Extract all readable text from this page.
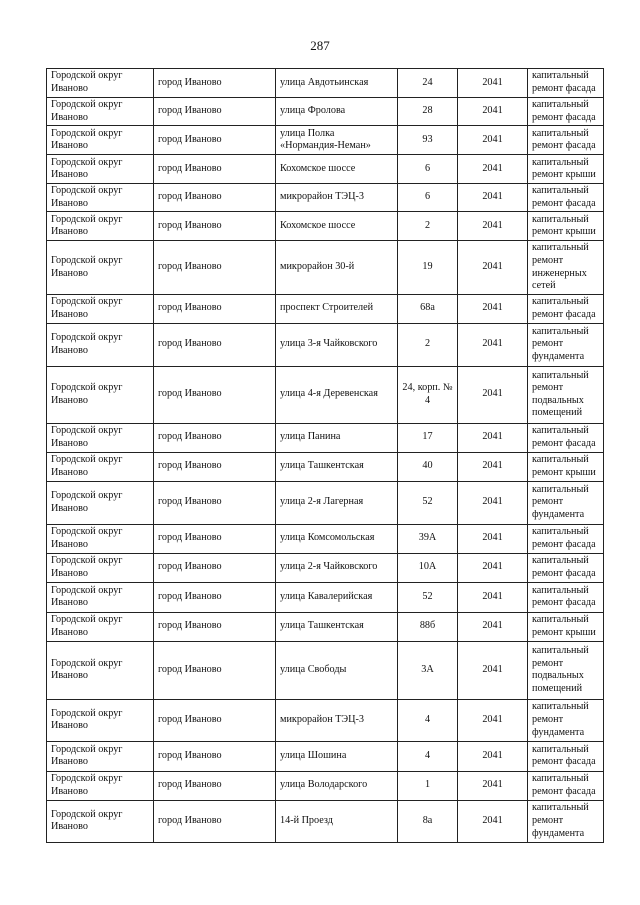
287
Городской округ Иваново	город Иваново	улица Авдотьинская	24	2041	капитальный ремонт фасада
Городской округ Иваново	город Иваново	улица Фролова	28	2041	капитальный ремонт фасада
Городской округ Иваново	город Иваново	улица Полка «Нормандия-Неман»	93	2041	капитальный ремонт фасада
Городской округ Иваново	город Иваново	Кохомское шоссе	6	2041	капитальный ремонт крыши
Городской округ Иваново	город Иваново	микрорайон ТЭЦ-3	6	2041	капитальный ремонт фасада
Городской округ Иваново	город Иваново	Кохомское шоссе	2	2041	капитальный ремонт крыши
Городской округ Иваново	город Иваново	микрорайон 30-й	19	2041	капитальный ремонт инженерных сетей
Городской округ Иваново	город Иваново	проспект Строителей	68а	2041	капитальный ремонт фасада
Городской округ Иваново	город Иваново	улица 3-я Чайковского	2	2041	капитальный ремонт фундамента
Городской округ Иваново	город Иваново	улица 4-я Деревенская	24, корп. № 4	2041	капитальный ремонт подвальных помещений
Городской округ Иваново	город Иваново	улица Панина	17	2041	капитальный ремонт фасада
Городской округ Иваново	город Иваново	улица Ташкентская	40	2041	капитальный ремонт крыши
Городской округ Иваново	город Иваново	улица 2-я Лагерная	52	2041	капитальный ремонт фундамента
Городской округ Иваново	город Иваново	улица Комсомольская	39А	2041	капитальный ремонт фасада
Городской округ Иваново	город Иваново	улица 2-я Чайковского	10А	2041	капитальный ремонт фасада
Городской округ Иваново	город Иваново	улица Кавалерийская	52	2041	капитальный ремонт фасада
Городской округ Иваново	город Иваново	улица Ташкентская	88б	2041	капитальный ремонт крыши
Городской округ Иваново	город Иваново	улица Свободы	3А	2041	капитальный ремонт подвальных помещений
Городской округ Иваново	город Иваново	микрорайон ТЭЦ-3	4	2041	капитальный ремонт фундамента
Городской округ Иваново	город Иваново	улица Шошина	4	2041	капитальный ремонт фасада
Городской округ Иваново	город Иваново	улица Володарского	1	2041	капитальный ремонт фасада
Городской округ Иваново	город Иваново	14-й Проезд	8а	2041	капитальный ремонт фундамента
